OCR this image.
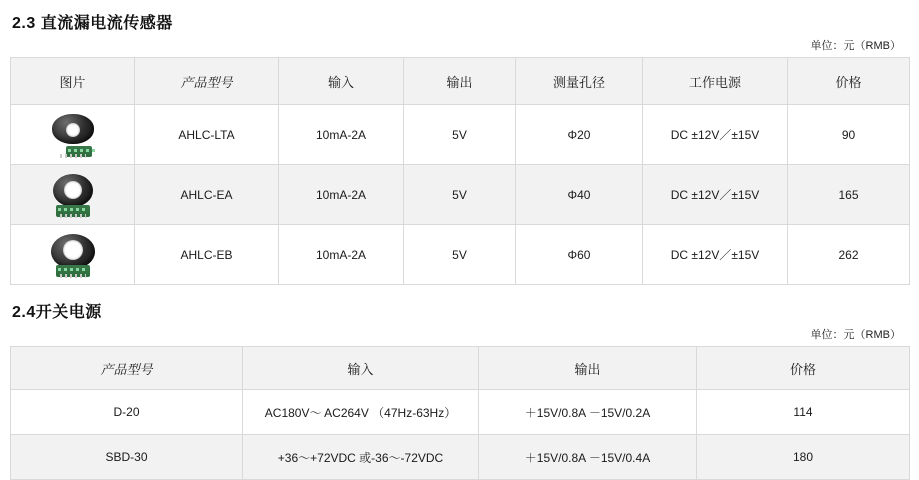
2.3 直流漏电流传感器
单位：元（RMB）
图片	产品型号	输入	输出	测量孔径	工作电源	价格

	AHLC-LTA	10mA-2A	5V	Φ20	DC ±12V／±15V	90

	AHLC-EA	10mA-2A	5V	Φ40	DC ±12V／±15V	165

	AHLC-EB	10mA-2A	5V	Φ60	DC ±12V／±15V	262
2.4开关电源
单位：元（RMB）
产品型号	输入	输出	价格
D-20	AC180V～ AC264V （47Hz-63Hz）	＋15V/0.8A －15V/0.2A	114
SBD-30	+36～+72VDC 或-36～-72VDC	＋15V/0.8A －15V/0.4A	180
